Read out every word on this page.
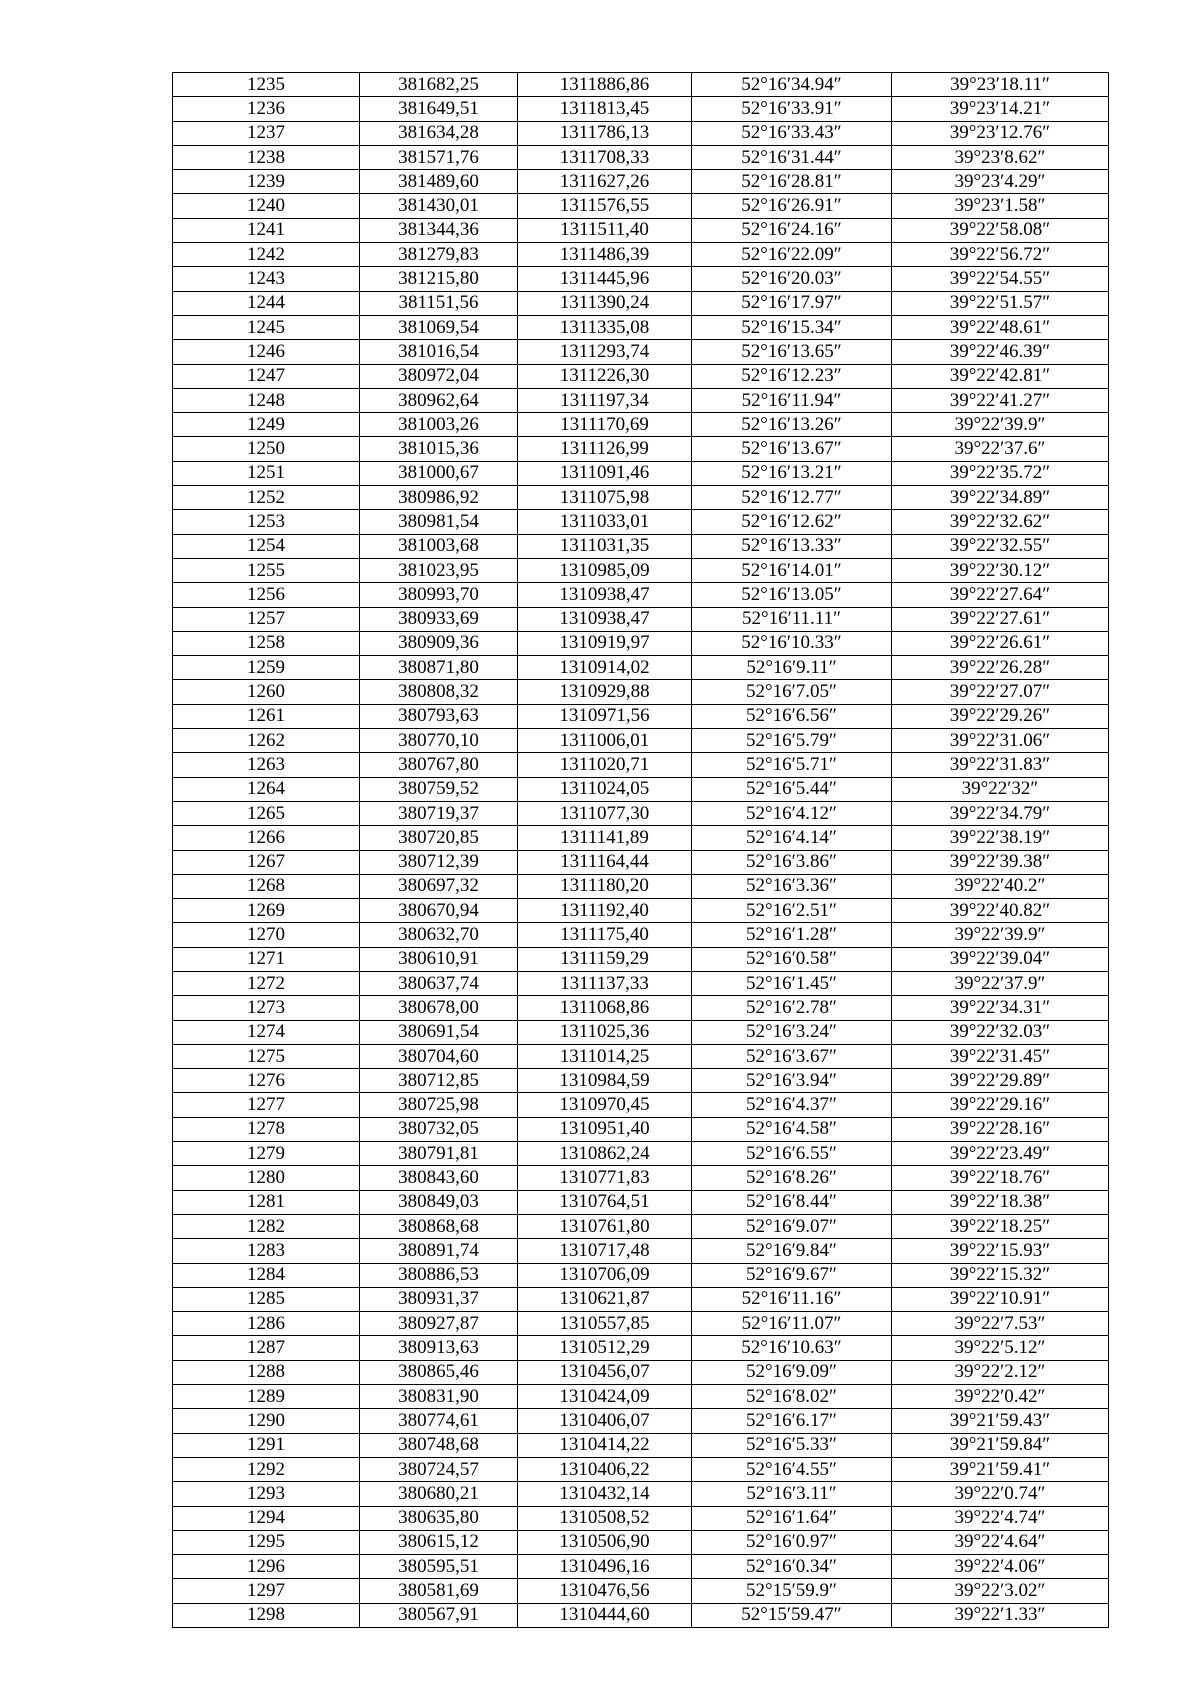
1235	381682,25	1311886,86	52°16′34.94″	39°23′18.11″
1236	381649,51	1311813,45	52°16′33.91″	39°23′14.21″
1237	381634,28	1311786,13	52°16′33.43″	39°23′12.76″
1238	381571,76	1311708,33	52°16′31.44″	39°23′8.62″
1239	381489,60	1311627,26	52°16′28.81″	39°23′4.29″
1240	381430,01	1311576,55	52°16′26.91″	39°23′1.58″
1241	381344,36	1311511,40	52°16′24.16″	39°22′58.08″
1242	381279,83	1311486,39	52°16′22.09″	39°22′56.72″
1243	381215,80	1311445,96	52°16′20.03″	39°22′54.55″
1244	381151,56	1311390,24	52°16′17.97″	39°22′51.57″
1245	381069,54	1311335,08	52°16′15.34″	39°22′48.61″
1246	381016,54	1311293,74	52°16′13.65″	39°22′46.39″
1247	380972,04	1311226,30	52°16′12.23″	39°22′42.81″
1248	380962,64	1311197,34	52°16′11.94″	39°22′41.27″
1249	381003,26	1311170,69	52°16′13.26″	39°22′39.9″
1250	381015,36	1311126,99	52°16′13.67″	39°22′37.6″
1251	381000,67	1311091,46	52°16′13.21″	39°22′35.72″
1252	380986,92	1311075,98	52°16′12.77″	39°22′34.89″
1253	380981,54	1311033,01	52°16′12.62″	39°22′32.62″
1254	381003,68	1311031,35	52°16′13.33″	39°22′32.55″
1255	381023,95	1310985,09	52°16′14.01″	39°22′30.12″
1256	380993,70	1310938,47	52°16′13.05″	39°22′27.64″
1257	380933,69	1310938,47	52°16′11.11″	39°22′27.61″
1258	380909,36	1310919,97	52°16′10.33″	39°22′26.61″
1259	380871,80	1310914,02	52°16′9.11″	39°22′26.28″
1260	380808,32	1310929,88	52°16′7.05″	39°22′27.07″
1261	380793,63	1310971,56	52°16′6.56″	39°22′29.26″
1262	380770,10	1311006,01	52°16′5.79″	39°22′31.06″
1263	380767,80	1311020,71	52°16′5.71″	39°22′31.83″
1264	380759,52	1311024,05	52°16′5.44″	39°22′32″
1265	380719,37	1311077,30	52°16′4.12″	39°22′34.79″
1266	380720,85	1311141,89	52°16′4.14″	39°22′38.19″
1267	380712,39	1311164,44	52°16′3.86″	39°22′39.38″
1268	380697,32	1311180,20	52°16′3.36″	39°22′40.2″
1269	380670,94	1311192,40	52°16′2.51″	39°22′40.82″
1270	380632,70	1311175,40	52°16′1.28″	39°22′39.9″
1271	380610,91	1311159,29	52°16′0.58″	39°22′39.04″
1272	380637,74	1311137,33	52°16′1.45″	39°22′37.9″
1273	380678,00	1311068,86	52°16′2.78″	39°22′34.31″
1274	380691,54	1311025,36	52°16′3.24″	39°22′32.03″
1275	380704,60	1311014,25	52°16′3.67″	39°22′31.45″
1276	380712,85	1310984,59	52°16′3.94″	39°22′29.89″
1277	380725,98	1310970,45	52°16′4.37″	39°22′29.16″
1278	380732,05	1310951,40	52°16′4.58″	39°22′28.16″
1279	380791,81	1310862,24	52°16′6.55″	39°22′23.49″
1280	380843,60	1310771,83	52°16′8.26″	39°22′18.76″
1281	380849,03	1310764,51	52°16′8.44″	39°22′18.38″
1282	380868,68	1310761,80	52°16′9.07″	39°22′18.25″
1283	380891,74	1310717,48	52°16′9.84″	39°22′15.93″
1284	380886,53	1310706,09	52°16′9.67″	39°22′15.32″
1285	380931,37	1310621,87	52°16′11.16″	39°22′10.91″
1286	380927,87	1310557,85	52°16′11.07″	39°22′7.53″
1287	380913,63	1310512,29	52°16′10.63″	39°22′5.12″
1288	380865,46	1310456,07	52°16′9.09″	39°22′2.12″
1289	380831,90	1310424,09	52°16′8.02″	39°22′0.42″
1290	380774,61	1310406,07	52°16′6.17″	39°21′59.43″
1291	380748,68	1310414,22	52°16′5.33″	39°21′59.84″
1292	380724,57	1310406,22	52°16′4.55″	39°21′59.41″
1293	380680,21	1310432,14	52°16′3.11″	39°22′0.74″
1294	380635,80	1310508,52	52°16′1.64″	39°22′4.74″
1295	380615,12	1310506,90	52°16′0.97″	39°22′4.64″
1296	380595,51	1310496,16	52°16′0.34″	39°22′4.06″
1297	380581,69	1310476,56	52°15′59.9″	39°22′3.02″
1298	380567,91	1310444,60	52°15′59.47″	39°22′1.33″
